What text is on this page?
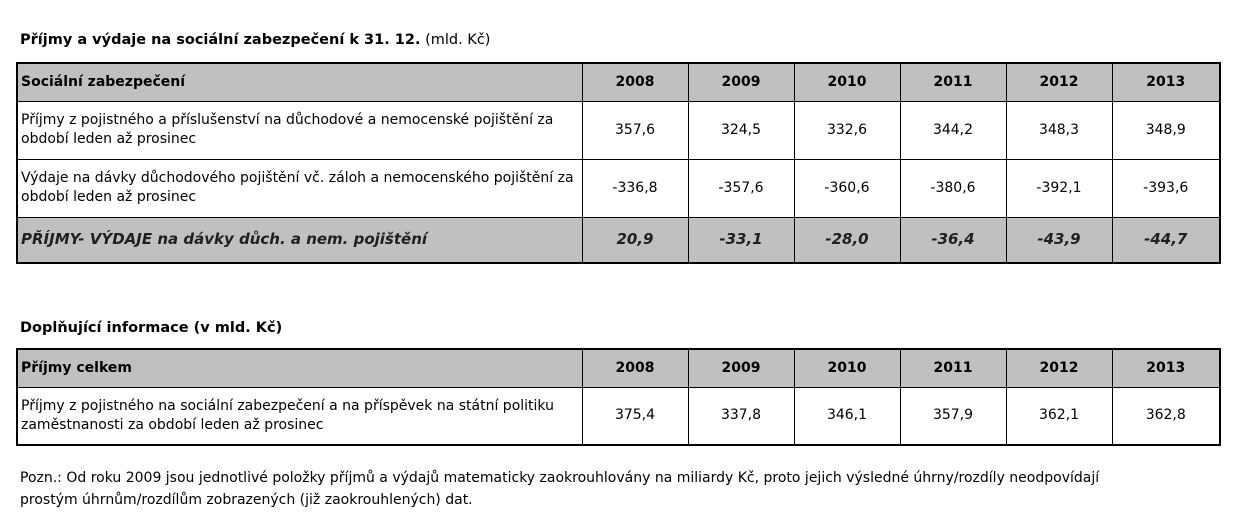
Příjmy a výdaje na sociální zabezpečení k 31. 12. (mld. Kč)
Sociální zabezpečení	2008	2009	2010	2011	2012	2013
Příjmy z pojistného a příslušenství na důchodové a nemocenské pojištění za období leden až prosinec	357,6	324,5	332,6	344,2	348,3	348,9
Výdaje na dávky důchodového pojištění vč. záloh a nemocenského pojištění za období leden až prosinec	-336,8	-357,6	-360,6	-380,6	-392,1	-393,6
PŘÍJMY- VÝDAJE na dávky důch. a nem. pojištění	20,9	-33,1	-28,0	-36,4	-43,9	-44,7
Doplňující informace (v mld. Kč)
Příjmy celkem	2008	2009	2010	2011	2012	2013
Příjmy z pojistného na sociální zabezpečení a na příspěvek na státní politiku zaměstnanosti za období leden až prosinec	375,4	337,8	346,1	357,9	362,1	362,8
Pozn.: Od roku 2009 jsou jednotlivé položky příjmů a výdajů matematicky zaokrouhlovány na miliardy Kč, proto jejich výsledné úhrny/rozdíly neodpovídají prostým úhrnům/rozdílům zobrazených (již zaokrouhlených) dat.
